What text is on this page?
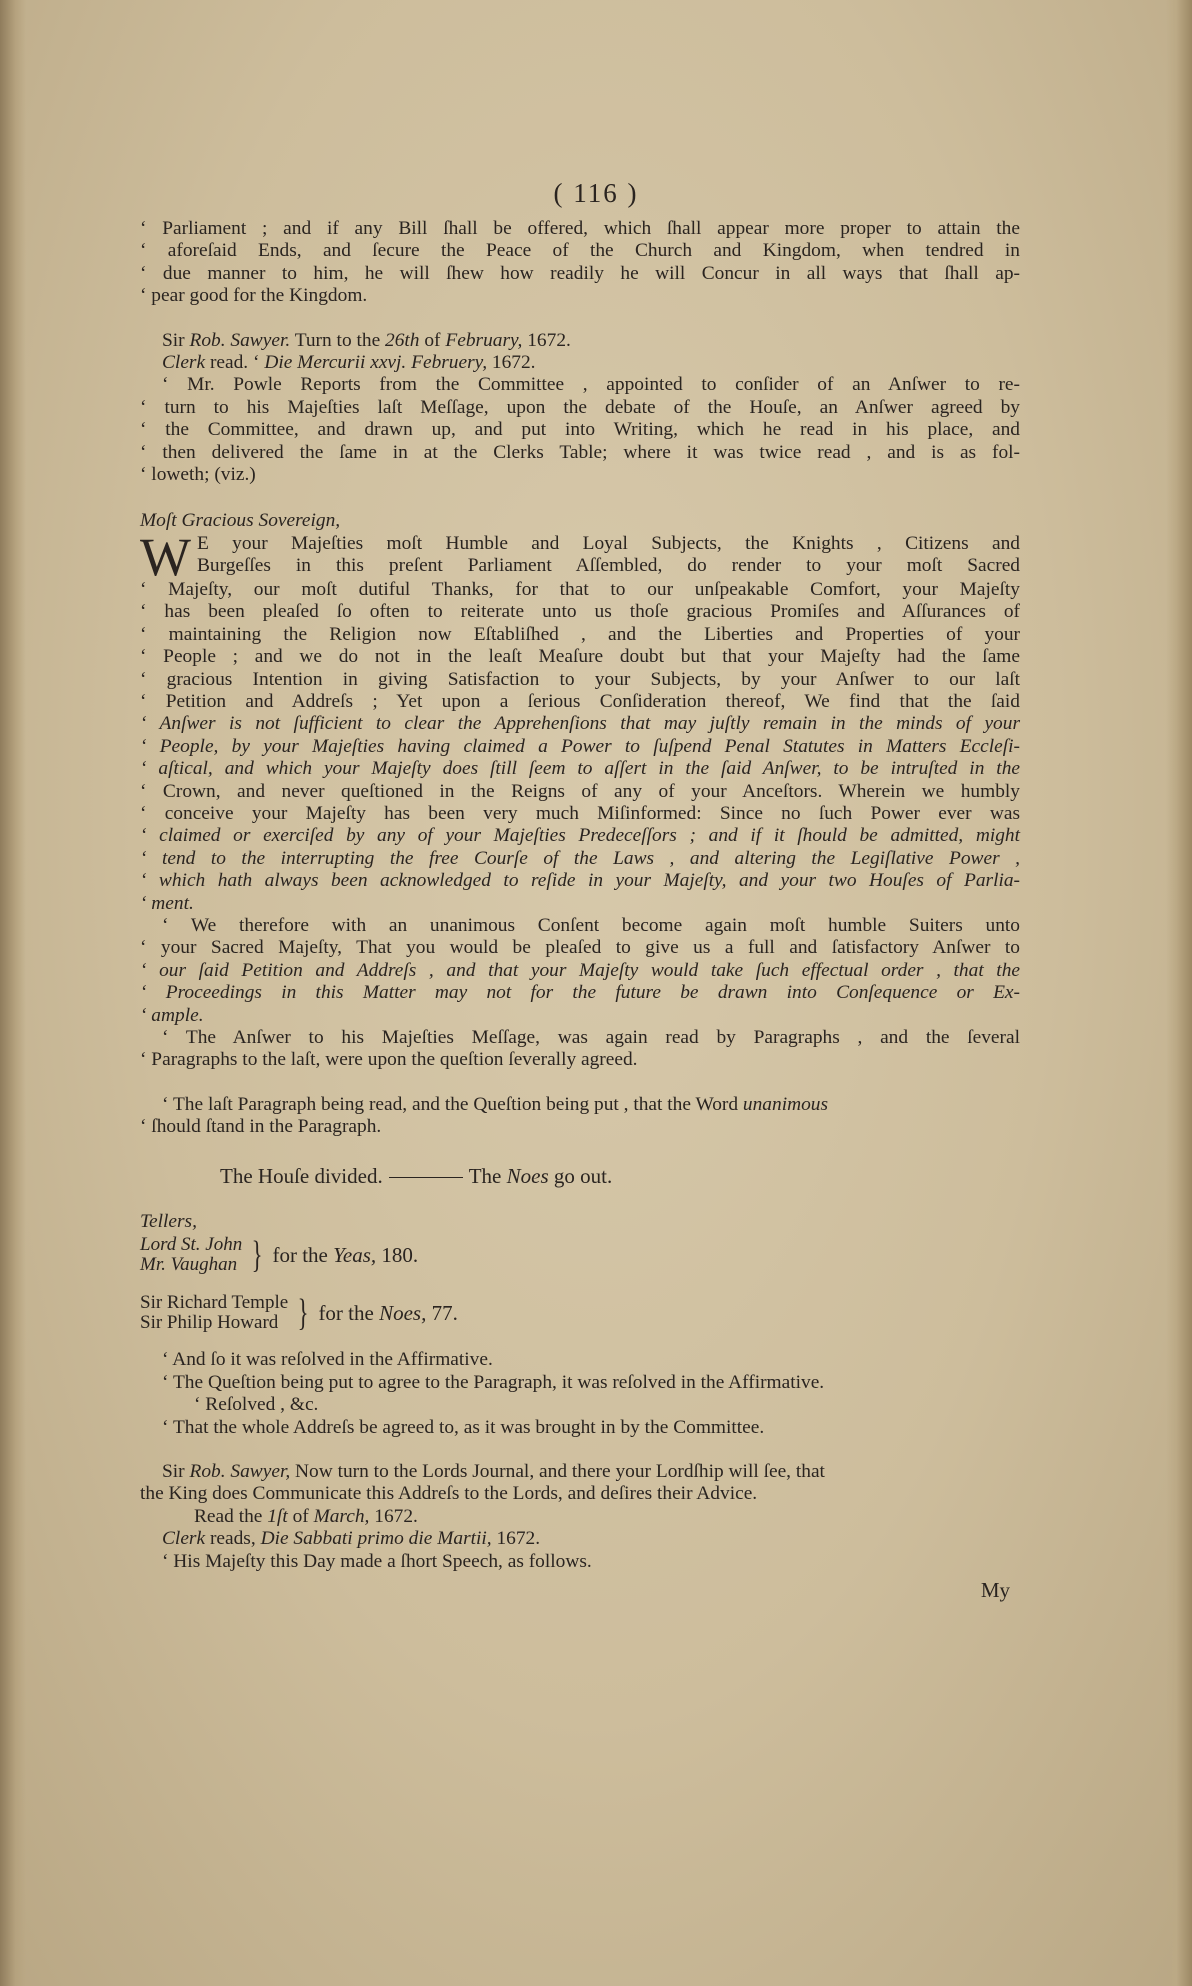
( 116 )
‘ Parliament ; and if any Bill ſhall be offered, which ſhall appear more proper to attain the
‘ aforeſaid Ends, and ſecure the Peace of the Church and Kingdom, when tendred in
‘ due manner to him, he will ſhew how readily he will Concur in all ways that ſhall ap-
‘ pear good for the Kingdom.
Sir Rob. Sawyer. Turn to the 26th of February, 1672.
Clerk read. ‘ Die Mercurii xxvj. Februery, 1672.
‘ Mr. Powle Reports from the Committee , appointed to conſider of an Anſwer to re-
‘ turn to his Majeſties laſt Meſſage, upon the debate of the Houſe, an Anſwer agreed by
‘ the Committee, and drawn up, and put into Writing, which he read in his place, and
‘ then delivered the ſame in at the Clerks Table; where it was twice read , and is as fol-
‘ loweth; (viz.)
Moſt Gracious Sovereign,
W E your Majeſties moſt Humble and Loyal Subjects, the Knights , Citizens and
Burgeſſes in this preſent Parliament Aſſembled, do render to your moſt Sacred
‘ Majeſty, our moſt dutiful Thanks, for that to our unſpeakable Comfort, your Majeſty
‘ has been pleaſed ſo often to reiterate unto us thoſe gracious Promiſes and Aſſurances of
‘ maintaining the Religion now Eſtabliſhed , and the Liberties and Properties of your
‘ People ; and we do not in the leaſt Meaſure doubt but that your Majeſty had the ſame
‘ gracious Intention in giving Satisfaction to your Subjects, by your Anſwer to our laſt
‘ Petition and Addreſs ; Yet upon a ſerious Conſideration thereof, We find that the ſaid
‘ Anſwer is not ſufficient to clear the Apprehenſions that may juſtly remain in the minds of your
‘ People, by your Majeſties having claimed a Power to ſuſpend Penal Statutes in Matters Eccleſi-
‘ aſtical, and which your Majeſty does ſtill ſeem to aſſert in the ſaid Anſwer, to be intruſted in the
‘ Crown, and never queſtioned in the Reigns of any of your Anceſtors. Wherein we humbly
‘ conceive your Majeſty has been very much Miſinformed: Since no ſuch Power ever was
‘ claimed or exerciſed by any of your Majeſties Predeceſſors ; and if it ſhould be admitted, might
‘ tend to the interrupting the free Courſe of the Laws , and altering the Legiſlative Power ,
‘ which hath always been acknowledged to reſide in your Majeſty, and your two Houſes of Parlia-
‘ ment.
‘ We therefore with an unanimous Conſent become again moſt humble Suiters unto
‘ your Sacred Majeſty, That you would be pleaſed to give us a full and ſatisfactory Anſwer to
‘ our ſaid Petition and Addreſs , and that your Majeſty would take ſuch effectual order , that the
‘ Proceedings in this Matter may not for the future be drawn into Conſequence or Ex-
‘ ample.
‘ The Anſwer to his Majeſties Meſſage, was again read by Paragraphs , and the ſeveral
‘ Paragraphs to the laſt, were upon the queſtion ſeverally agreed.
‘ The laſt Paragraph being read, and the Queſtion being put , that the Word unanimous
‘ ſhould ſtand in the Paragraph.
The Houſe divided.	The Noes go out.
Tellers,
Lord St. John
Mr. Vaughan } for the Yeas, 180.
Sir Richard Temple
Sir Philip Howard } for the Noes, 77.
‘ And ſo it was reſolved in the Affirmative.
‘ The Queſtion being put to agree to the Paragraph, it was reſolved in the Affirmative.
‘ Reſolved , &c.
‘ That the whole Addreſs be agreed to, as it was brought in by the Committee.
Sir Rob. Sawyer, Now turn to the Lords Journal, and there your Lordſhip will ſee, that
the King does Communicate this Addreſs to the Lords, and deſires their Advice.
Read the 1ſt of March, 1672.
Clerk reads, Die Sabbati primo die Martii, 1672.
‘ His Majeſty this Day made a ſhort Speech, as follows.
My
